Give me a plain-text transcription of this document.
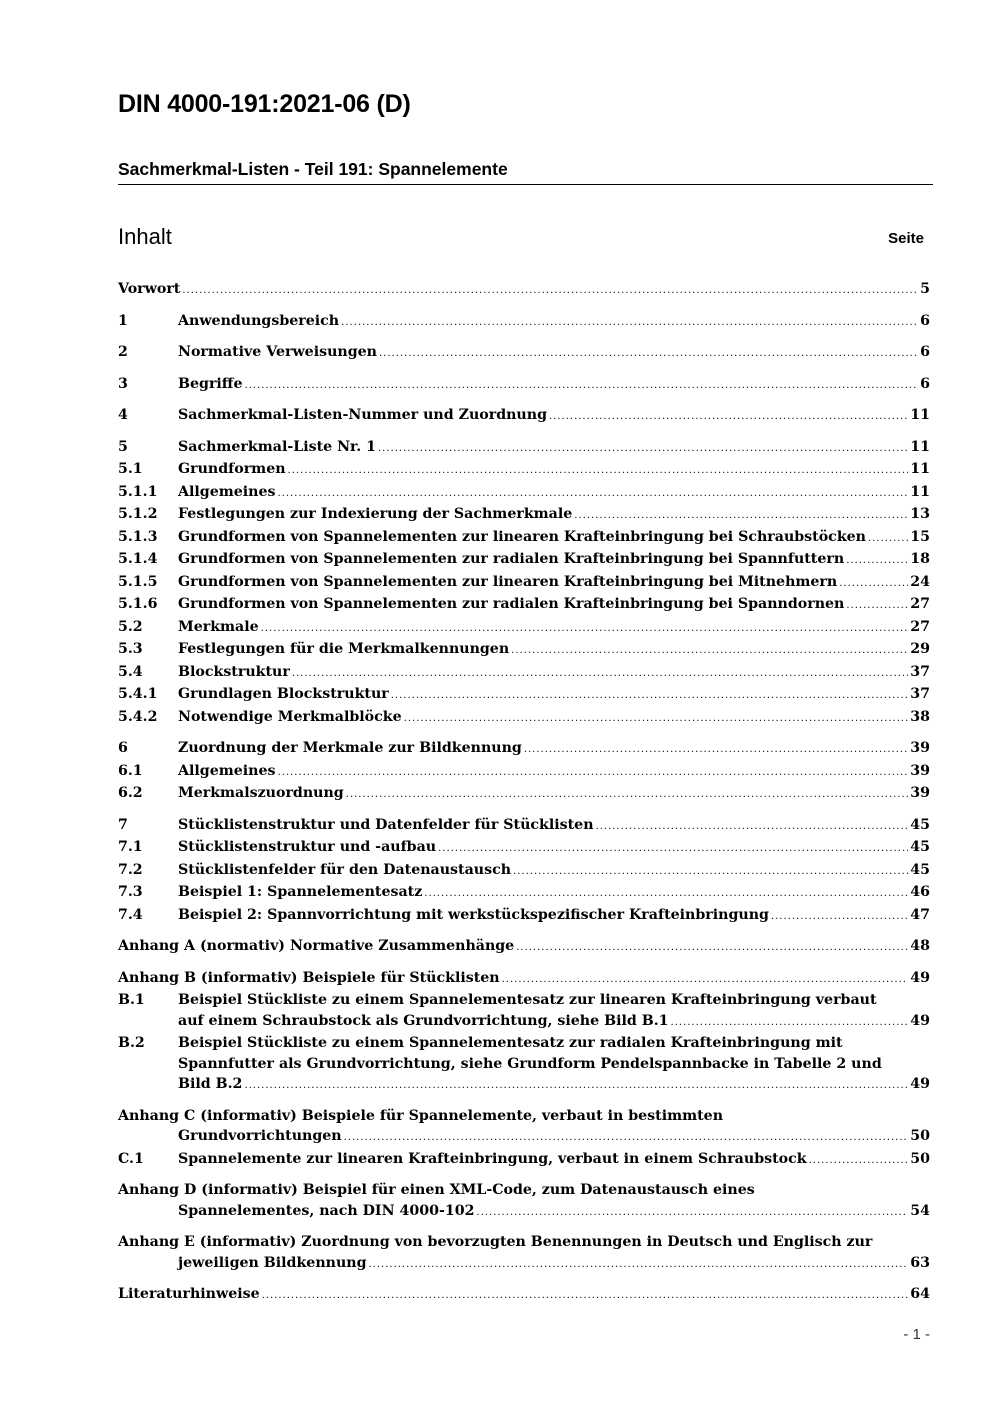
DIN 4000-191:2021-06 (D)
Sachmerkmal-Listen - Teil 191: Spannelemente
Inhalt	Seite
Vorwort .....	5
1	Anwendungsbereich .....	6
2	Normative Verweisungen .....	6
3	Begriffe .....	6
4	Sachmerkmal-Listen-Nummer und Zuordnung .....	11
5	Sachmerkmal-Liste Nr. 1 .....	11
5.1	Grundformen .....	11
5.1.1	Allgemeines .....	11
5.1.2	Festlegungen zur Indexierung der Sachmerkmale .....	13
5.1.3	Grundformen von Spannelementen zur linearen Krafteinbringung bei Schraubstöcken .....	15
5.1.4	Grundformen von Spannelementen zur radialen Krafteinbringung bei Spannfuttern .....	18
5.1.5	Grundformen von Spannelementen zur linearen Krafteinbringung bei Mitnehmern .....	24
5.1.6	Grundformen von Spannelementen zur radialen Krafteinbringung bei Spanndornen .....	27
5.2	Merkmale .....	27
5.3	Festlegungen für die Merkmalkennungen .....	29
5.4	Blockstruktur .....	37
5.4.1	Grundlagen Blockstruktur .....	37
5.4.2	Notwendige Merkmalblöcke .....	38
6	Zuordnung der Merkmale zur Bildkennung .....	39
6.1	Allgemeines .....	39
6.2	Merkmalszuordnung .....	39
7	Stücklistenstruktur und Datenfelder für Stücklisten .....	45
7.1	Stücklistenstruktur und -aufbau .....	45
7.2	Stücklistenfelder für den Datenaustausch .....	45
7.3	Beispiel 1: Spannelementesatz .....	46
7.4	Beispiel 2: Spannvorrichtung mit werkstückspezifischer Krafteinbringung .....	47
Anhang A (normativ) Normative Zusammenhänge .....	48
Anhang B (informativ) Beispiele für Stücklisten .....	49
B.1	Beispiel Stückliste zu einem Spannelementesatz zur linearen Krafteinbringung verbaut
auf einem Schraubstock als Grundvorrichtung, siehe Bild B.1 .....	49
B.2	Beispiel Stückliste zu einem Spannelementesatz zur radialen Krafteinbringung mit
Spannfutter als Grundvorrichtung, siehe Grundform Pendelspannbacke in Tabelle 2 und
Bild B.2 .....	49
Anhang C (informativ) Beispiele für Spannelemente, verbaut in bestimmten
Grundvorrichtungen .....	50
C.1	Spannelemente zur linearen Krafteinbringung, verbaut in einem Schraubstock .....	50
Anhang D (informativ) Beispiel für einen XML-Code, zum Datenaustausch eines
Spannelementes, nach DIN 4000-102 .....	54
Anhang E (informativ) Zuordnung von bevorzugten Benennungen in Deutsch und Englisch zur
jeweiligen Bildkennung .....	63
Literaturhinweise .....	64
- 1 -
